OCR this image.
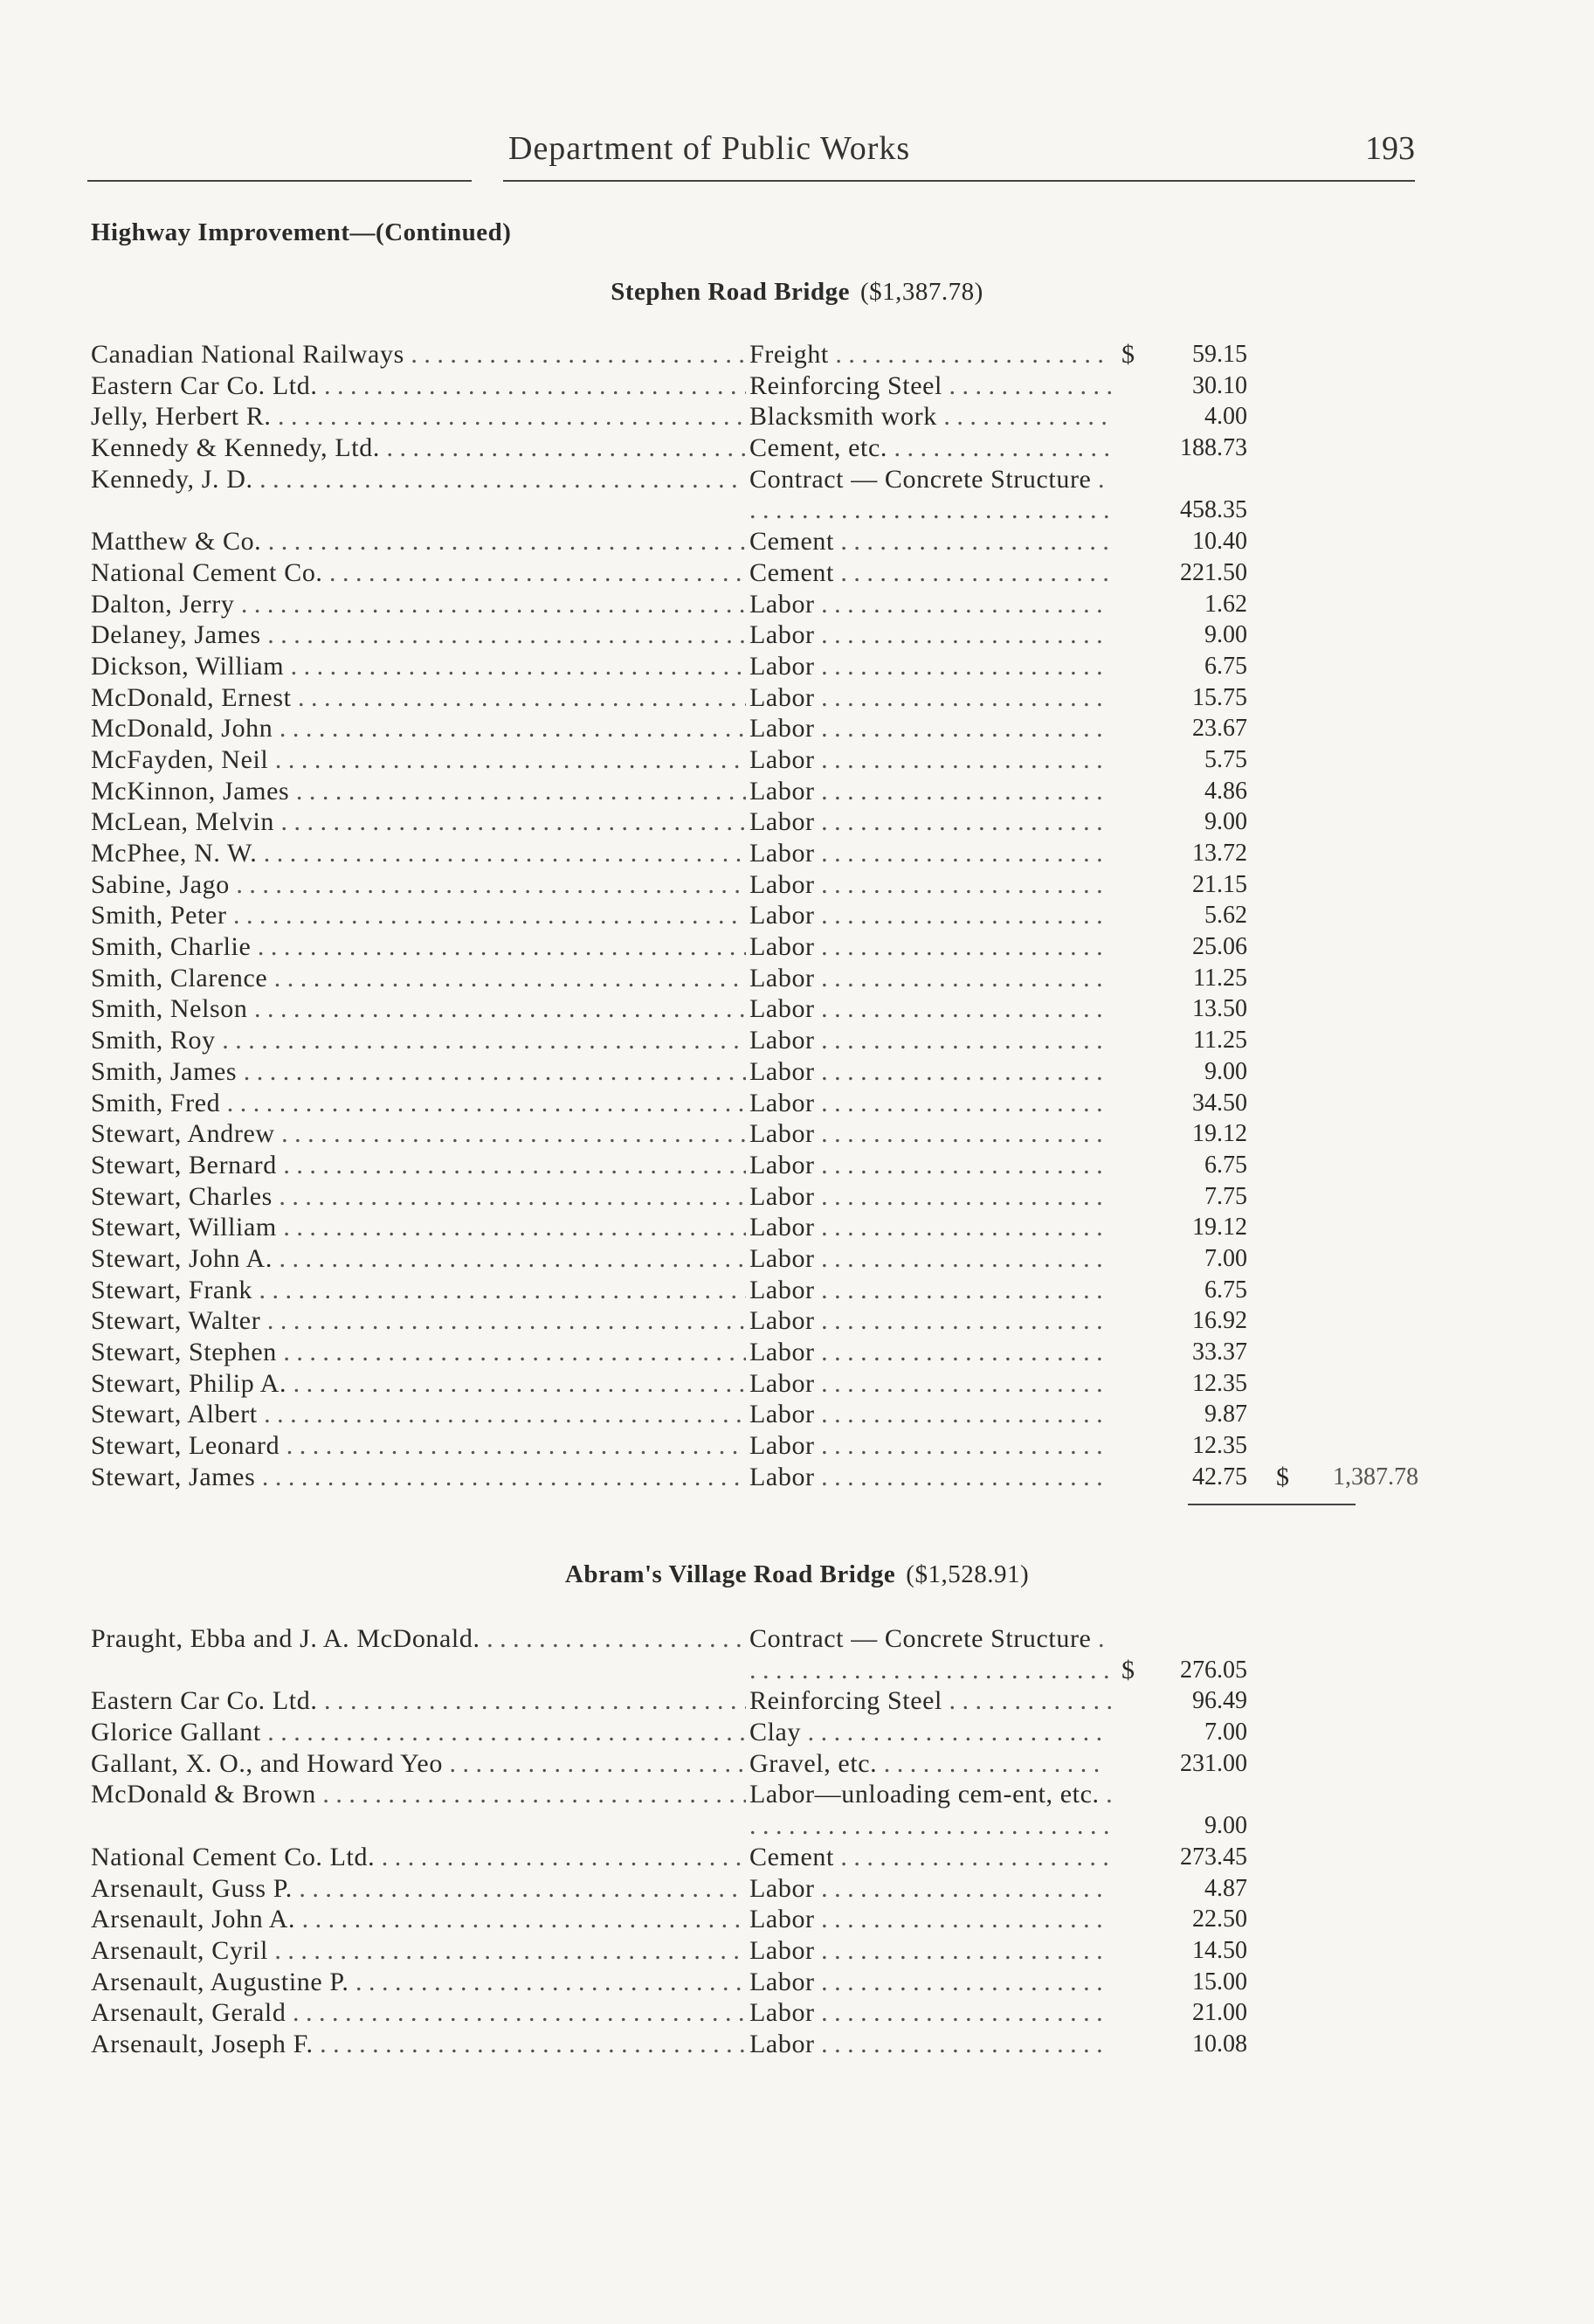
Department of Public Works	193
Highway Improvement—(Continued)
Stephen Road Bridge ($1,387.78)
Canadian National Railways . . .	Freight . . . . . . . . . . . . . . . . . . . . . $	59.15
Eastern Car Co. Ltd. . . .	Reinforcing Steel . . . . . . . . . . . . .	30.10
Jelly, Herbert R. . . .	Blacksmith work . . . . . . . . . . . . .	4.00
Kennedy & Kennedy, Ltd. . . .	Cement, etc. . . . . . . . . . . . . . . . . .	188.73
Kennedy, J. D. . . .	Contract — Concrete Structure . . . . . . . . . . . . . . . . . . . . . . . . . . . . .	458.35
Matthew & Co. . . .	Cement . . . . . . . . . . . . . . . . . . . . .	10.40
National Cement Co. . . .	Cement . . . . . . . . . . . . . . . . . . . . .	221.50
Dalton, Jerry . . .	Labor . . . . . . . . . . . . . . . . . . . . . .	1.62
Delaney, James . . .	Labor . . . . . . . . . . . . . . . . . . . . . .	9.00
Dickson, William . . .	Labor . . . . . . . . . . . . . . . . . . . . . .	6.75
McDonald, Ernest . . .	Labor . . . . . . . . . . . . . . . . . . . . . .	15.75
McDonald, John . . .	Labor . . . . . . . . . . . . . . . . . . . . . .	23.67
McFayden, Neil . . .	Labor . . . . . . . . . . . . . . . . . . . . . .	5.75
McKinnon, James . . .	Labor . . . . . . . . . . . . . . . . . . . . . .	4.86
McLean, Melvin . . .	Labor . . . . . . . . . . . . . . . . . . . . . .	9.00
McPhee, N. W. . . .	Labor . . . . . . . . . . . . . . . . . . . . . .	13.72
Sabine, Jago . . .	Labor . . . . . . . . . . . . . . . . . . . . . .	21.15
Smith, Peter . . .	Labor . . . . . . . . . . . . . . . . . . . . . .	5.62
Smith, Charlie . . .	Labor . . . . . . . . . . . . . . . . . . . . . .	25.06
Smith, Clarence . . .	Labor . . . . . . . . . . . . . . . . . . . . . .	11.25
Smith, Nelson . . .	Labor . . . . . . . . . . . . . . . . . . . . . .	13.50
Smith, Roy . . .	Labor . . . . . . . . . . . . . . . . . . . . . .	11.25
Smith, James . . .	Labor . . . . . . . . . . . . . . . . . . . . . .	9.00
Smith, Fred . . .	Labor . . . . . . . . . . . . . . . . . . . . . .	34.50
Stewart, Andrew . . .	Labor . . . . . . . . . . . . . . . . . . . . . .	19.12
Stewart, Bernard . . .	Labor . . . . . . . . . . . . . . . . . . . . . .	6.75
Stewart, Charles . . .	Labor . . . . . . . . . . . . . . . . . . . . . .	7.75
Stewart, William . . .	Labor . . . . . . . . . . . . . . . . . . . . . .	19.12
Stewart, John A. . . .	Labor . . . . . . . . . . . . . . . . . . . . . .	7.00
Stewart, Frank . . .	Labor . . . . . . . . . . . . . . . . . . . . . .	6.75
Stewart, Walter . . .	Labor . . . . . . . . . . . . . . . . . . . . . .	16.92
Stewart, Stephen . . .	Labor . . . . . . . . . . . . . . . . . . . . . .	33.37
Stewart, Philip A. . . .	Labor . . . . . . . . . . . . . . . . . . . . . .	12.35
Stewart, Albert . . .	Labor . . . . . . . . . . . . . . . . . . . . . .	9.87
Stewart, Leonard . . .	Labor . . . . . . . . . . . . . . . . . . . . . .	12.35
Stewart, James . . .	Labor . . . . . . . . . . . . . . . . . . . . . .	42.75 $	1,387.78
Abram's Village Road Bridge ($1,528.91)
Praught, Ebba and J. A. McDonald. . . .	Contract — Concrete Structure . . . . . . . . . . . . . . . . . . . . . . . . . . . . . $	276.05
Eastern Car Co. Ltd. . . .	Reinforcing Steel . . . . . . . . . . . . .	96.49
Glorice Gallant . . .	Clay . . . . . . . . . . . . . . . . . . . . . . .	7.00
Gallant, X. O., and Howard Yeo . . .	Gravel, etc. . . . . . . . . . . . . . . . . .	231.00
McDonald & Brown . . .	Labor—unloading cem-ent, etc. . . . . . . . . . . . . . . . . . . . . . . . . . . . . .	9.00
National Cement Co. Ltd. . . .	Cement . . . . . . . . . . . . . . . . . . . . .	273.45
Arsenault, Guss P. . . .	Labor . . . . . . . . . . . . . . . . . . . . . .	4.87
Arsenault, John A. . . .	Labor . . . . . . . . . . . . . . . . . . . . . .	22.50
Arsenault, Cyril . . .	Labor . . . . . . . . . . . . . . . . . . . . . .	14.50
Arsenault, Augustine P. . . .	Labor . . . . . . . . . . . . . . . . . . . . . .	15.00
Arsenault, Gerald . . .	Labor . . . . . . . . . . . . . . . . . . . . . .	21.00
Arsenault, Joseph F. . . .	Labor . . . . . . . . . . . . . . . . . . . . . .	10.08
